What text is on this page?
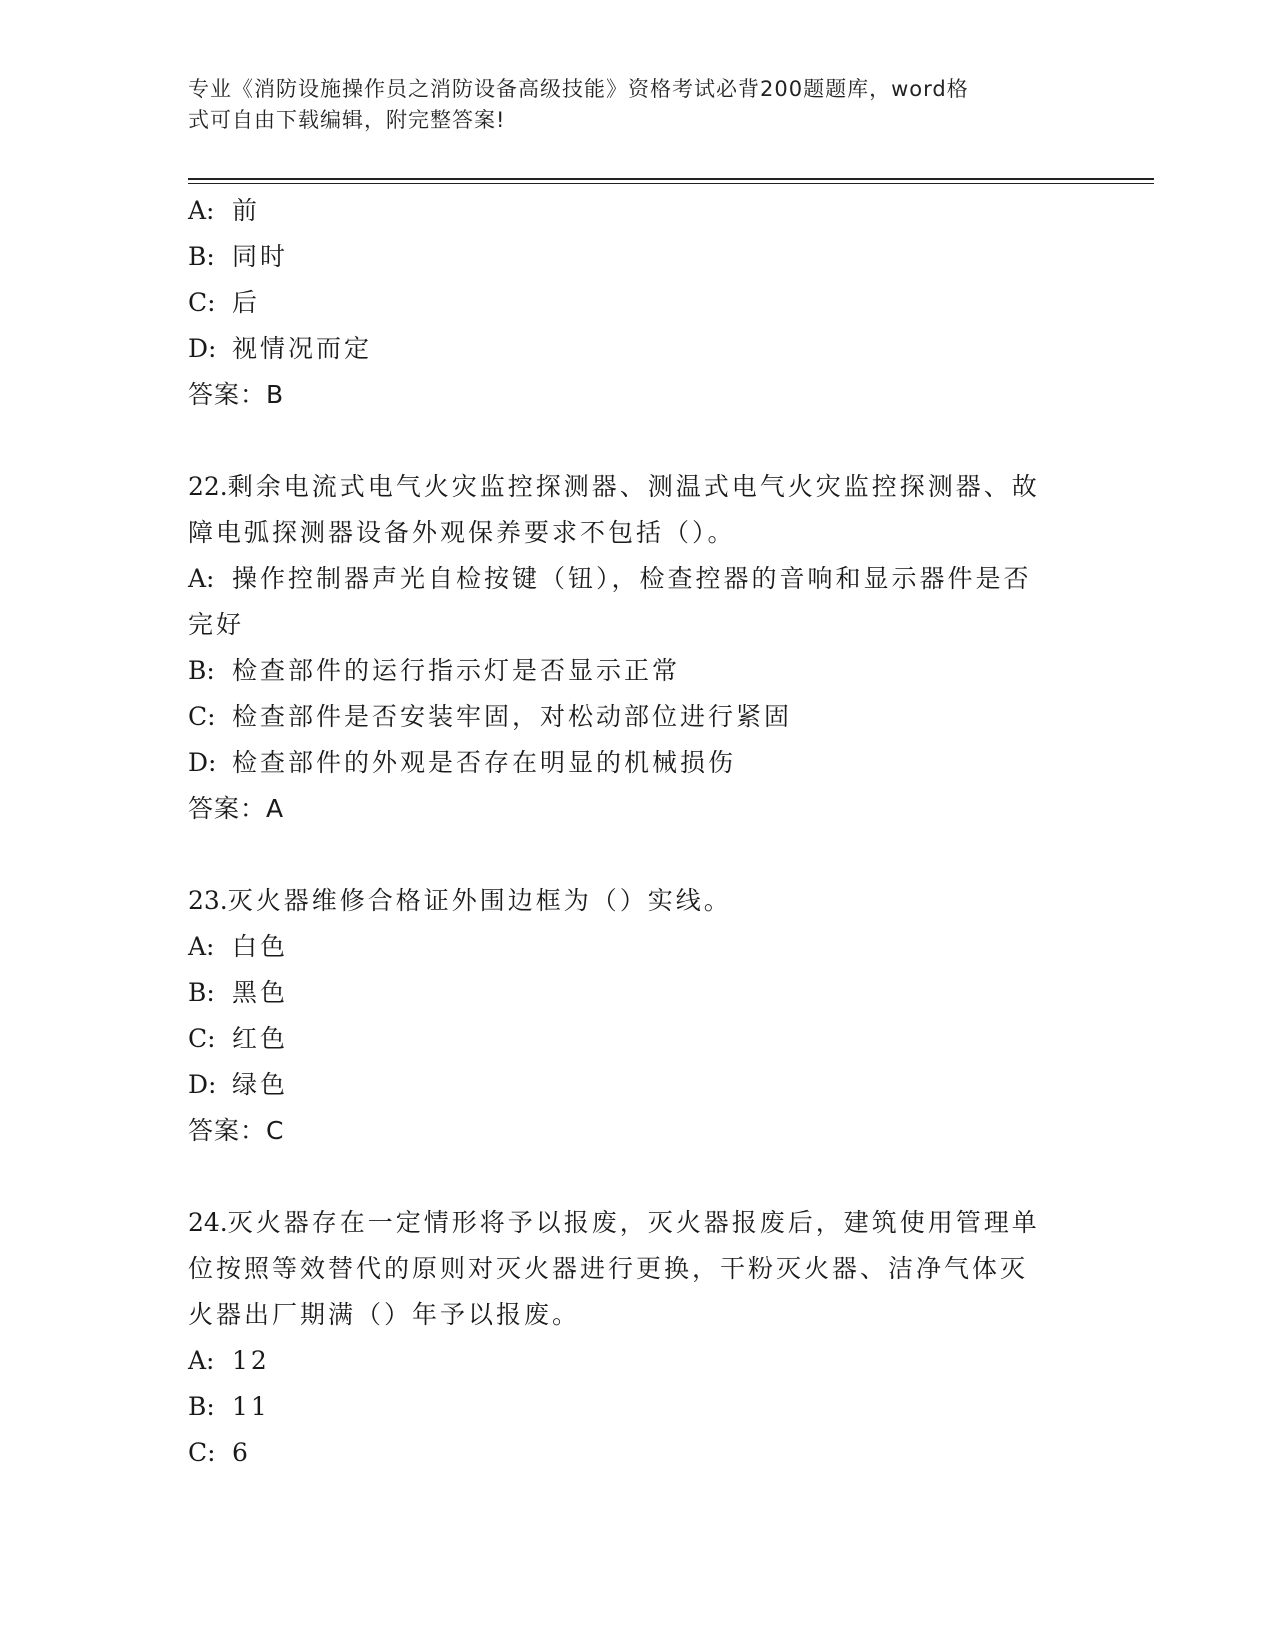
专业《消防设施操作员之消防设备高级技能》资格考试必背200题题库，word格
式可自由下载编辑，附完整答案!
A: 前
B: 同时
C: 后
D: 视情况而定
答案：B
22.剩余电流式电气火灾监控探测器、测温式电气火灾监控探测器、故
障电弧探测器设备外观保养要求不包括（）。
A: 操作控制器声光自检按键（钮），检查控器的音响和显示器件是否
完好
B: 检查部件的运行指示灯是否显示正常
C: 检查部件是否安装牢固，对松动部位进行紧固
D: 检查部件的外观是否存在明显的机械损伤
答案：A
23.灭火器维修合格证外围边框为（）实线。
A: 白色
B: 黑色
C: 红色
D: 绿色
答案：C
24.灭火器存在一定情形将予以报废，灭火器报废后，建筑使用管理单
位按照等效替代的原则对灭火器进行更换，干粉灭火器、洁净气体灭
火器出厂期满（）年予以报废。
A: 12
B: 11
C: 6
